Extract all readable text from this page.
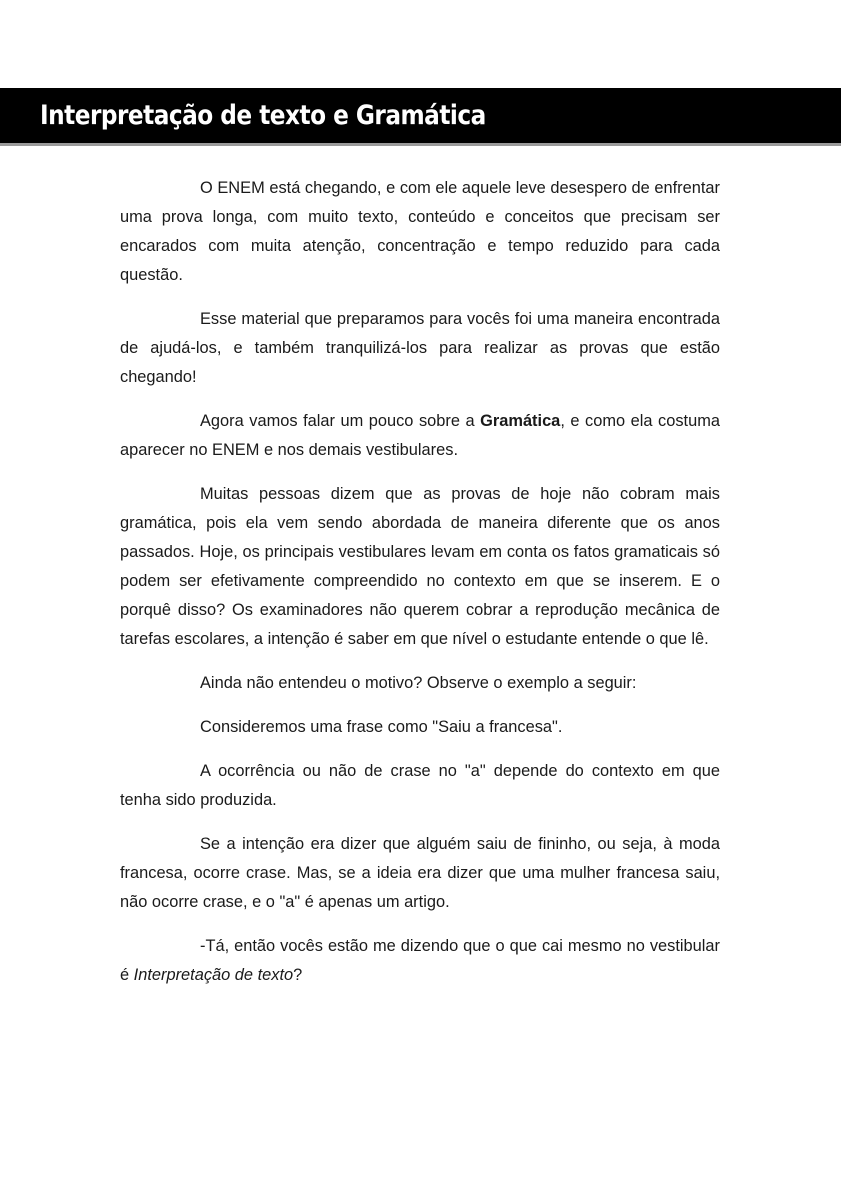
Interpretação de texto e Gramática

O ENEM está chegando, e com ele aquele leve desespero de enfrentar uma prova longa, com muito texto, conteúdo e conceitos que precisam ser encarados com muita atenção, concentração e tempo reduzido para cada questão.

Esse material que preparamos para vocês foi uma maneira encontrada de ajudá-los, e também tranquilizá-los para realizar as provas que estão chegando!

Agora vamos falar um pouco sobre a Gramática, e como ela costuma aparecer no ENEM e nos demais vestibulares.

Muitas pessoas dizem que as provas de hoje não cobram mais gramática, pois ela vem sendo abordada de maneira diferente que os anos passados. Hoje, os principais vestibulares levam em conta os fatos gramaticais só podem ser efetivamente compreendido no contexto em que se inserem. E o porquê disso? Os examinadores não querem cobrar a reprodução mecânica de tarefas escolares, a intenção é saber em que nível o estudante entende o que lê.

Ainda não entendeu o motivo? Observe o exemplo a seguir:

Consideremos uma frase como "Saiu a francesa".

A ocorrência ou não de crase no "a" depende do contexto em que tenha sido produzida.

Se a intenção era dizer que alguém saiu de fininho, ou seja, à moda francesa, ocorre crase. Mas, se a ideia era dizer que uma mulher francesa saiu, não ocorre crase, e o "a" é apenas um artigo.

-Tá, então vocês estão me dizendo que o que cai mesmo no vestibular é Interpretação de texto?
